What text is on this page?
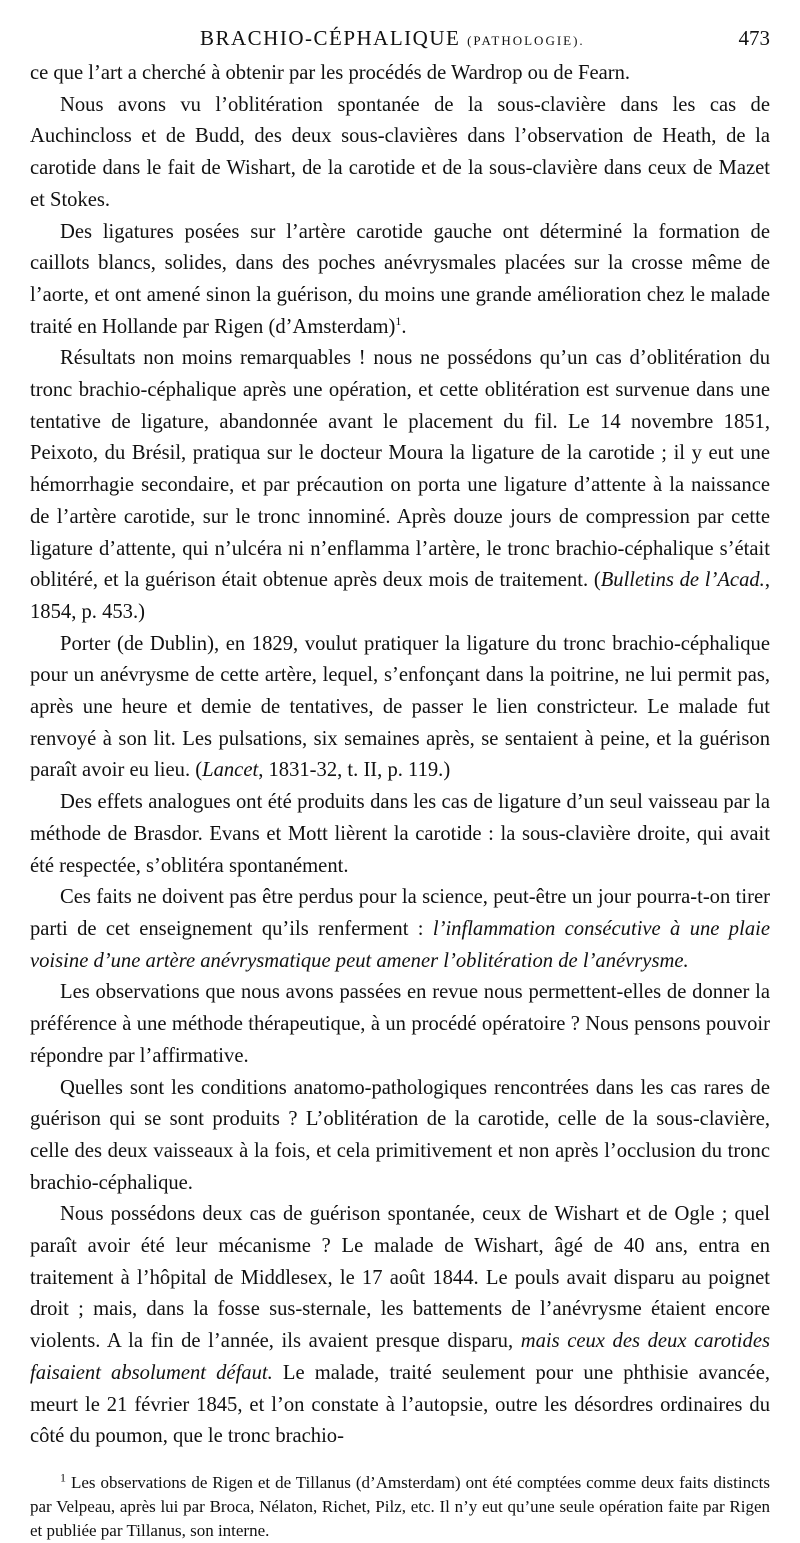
BRACHIO-CÉPHALIQUE (PATHOLOGIE).	473

ce que l’art a cherché à obtenir par les procédés de Wardrop ou de Fearn.

Nous avons vu l’oblitération spontanée de la sous-clavière dans les cas de Auchincloss et de Budd, des deux sous-clavières dans l’observation de Heath, de la carotide dans le fait de Wishart, de la carotide et de la sous-clavière dans ceux de Mazet et Stokes.

Des ligatures posées sur l’artère carotide gauche ont déterminé la formation de caillots blancs, solides, dans des poches anévrysmales placées sur la crosse même de l’aorte, et ont amené sinon la guérison, du moins une grande amélioration chez le malade traité en Hollande par Rigen (d’Amsterdam)$^1$.

Résultats non moins remarquables ! nous ne possédons qu’un cas d’oblitération du tronc brachio-céphalique après une opération, et cette oblitération est survenue dans une tentative de ligature, abandonnée avant le placement du fil. Le 14 novembre 1851, Peixoto, du Brésil, pratiqua sur le docteur Moura la ligature de la carotide ; il y eut une hémorrhagie secondaire, et par précaution on porta une ligature d’attente à la naissance de l’artère carotide, sur le tronc innominé. Après douze jours de compression par cette ligature d’attente, qui n’ulcéra ni n’enflamma l’artère, le tronc brachio-céphalique s’était oblitéré, et la guérison était obtenue après deux mois de traitement. (Bulletins de l’Acad., 1854, p. 453.)

Porter (de Dublin), en 1829, voulut pratiquer la ligature du tronc brachio-céphalique pour un anévrysme de cette artère, lequel, s’enfonçant dans la poitrine, ne lui permit pas, après une heure et demie de tentatives, de passer le lien constricteur. Le malade fut renvoyé à son lit. Les pulsations, six semaines après, se sentaient à peine, et la guérison paraît avoir eu lieu. (Lancet, 1831-32, t. II, p. 119.)

Des effets analogues ont été produits dans les cas de ligature d’un seul vaisseau par la méthode de Brasdor. Evans et Mott lièrent la carotide : la sous-clavière droite, qui avait été respectée, s’oblitéra spontanément.

Ces faits ne doivent pas être perdus pour la science, peut-être un jour pourra-t-on tirer parti de cet enseignement qu’ils renferment : l’inflammation consécutive à une plaie voisine d’une artère anévrysmatique peut amener l’oblitération de l’anévrysme.

Les observations que nous avons passées en revue nous permettent-elles de donner la préférence à une méthode thérapeutique, à un procédé opératoire ? Nous pensons pouvoir répondre par l’affirmative.

Quelles sont les conditions anatomo-pathologiques rencontrées dans les cas rares de guérison qui se sont produits ? L’oblitération de la carotide, celle de la sous-clavière, celle des deux vaisseaux à la fois, et cela primitivement et non après l’occlusion du tronc brachio-céphalique.

Nous possédons deux cas de guérison spontanée, ceux de Wishart et de Ogle ; quel paraît avoir été leur mécanisme ? Le malade de Wishart, âgé de 40 ans, entra en traitement à l’hôpital de Middlesex, le 17 août 1844. Le pouls avait disparu au poignet droit ; mais, dans la fosse sus-sternale, les battements de l’anévrysme étaient encore violents. A la fin de l’année, ils avaient presque disparu, mais ceux des deux carotides faisaient absolument défaut. Le malade, traité seulement pour une phthisie avancée, meurt le 21 février 1845, et l’on constate à l’autopsie, outre les désordres ordinaires du côté du poumon, que le tronc brachio-

$^1$ Les observations de Rigen et de Tillanus (d’Amsterdam) ont été comptées comme deux faits distincts par Velpeau, après lui par Broca, Nélaton, Richet, Pilz, etc. Il n’y eut qu’une seule opération faite par Rigen et publiée par Tillanus, son interne.
